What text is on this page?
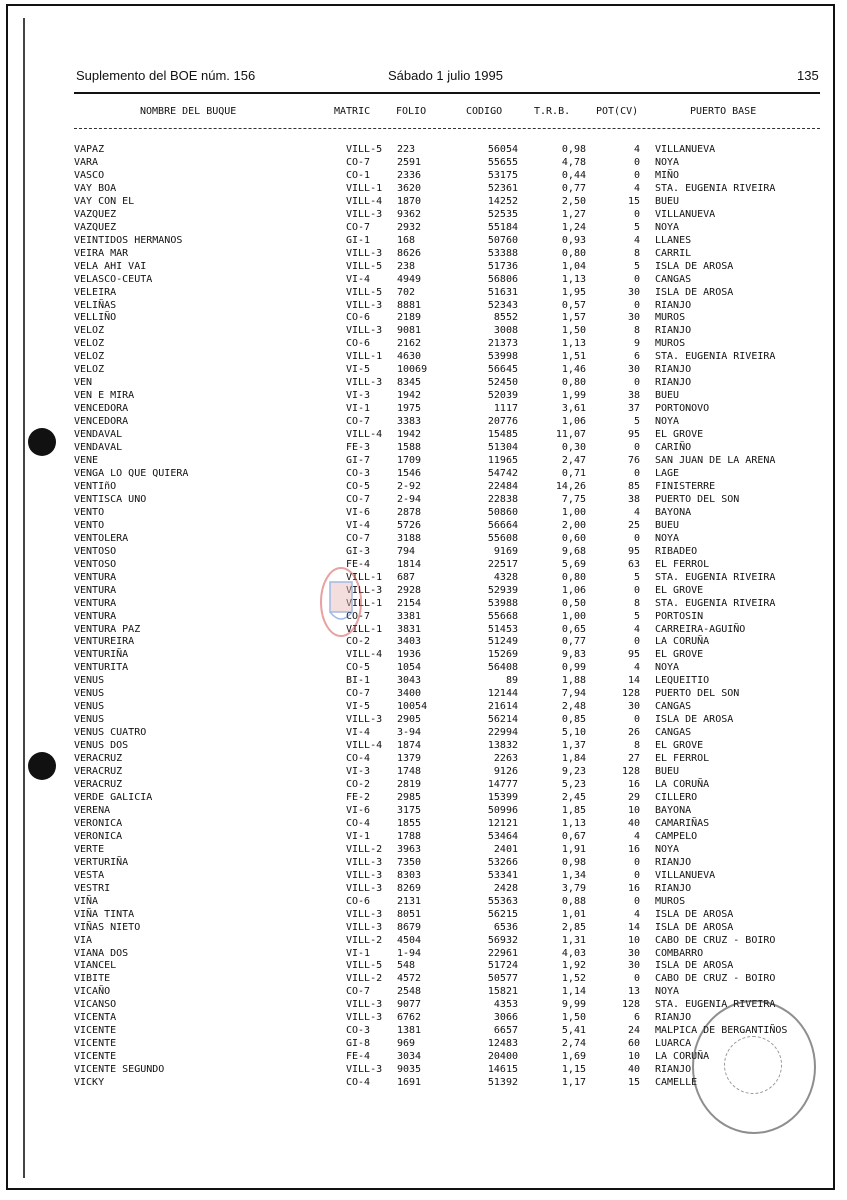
Suplemento del BOE núm. 156	Sábado 1 julio 1995	135
NOMBRE DEL BUQUE	MATRIC	FOLIO	CODIGO	T.R.B.	POT(CV)	PUERTO BASE
VAPAZ	VILL-5 223	56054	0,98	4 VILLANUEVA
VARA	CO-7	2591	55655	4,78	0 NOYA
VASCO	CO-1	2336	53175	0,44	0 MIÑO
VAY BOA	VILL-1 3620	52361	0,77	4 STA. EUGENIA RIVEIRA
VAY CON EL	VILL-4 1870	14252	2,50	15 BUEU
VAZQUEZ	VILL-3 9362	52535	1,27	0 VILLANUEVA
VAZQUEZ	CO-7	2932	55184	1,24	5 NOYA
VEINTIDOS HERMANOS	GI-1	168	50760	0,93	4 LLANES
VEIRA MAR	VILL-3 8626	53388	0,80	8 CARRIL
VELA AHI VAI	VILL-5 238	51736	1,04	5 ISLA DE AROSA
VELASCO-CEUTA	VI-4	4949	56806	1,13	0 CANGAS
VELEIRA	VILL-5 702	51631	1,95	30 ISLA DE AROSA
VELIÑAS	VILL-3 8881	52343	0,57	0 RIANJO
VELLIÑO	CO-6	2189	8552	1,57	30 MUROS
VELOZ	VILL-3 9081	3008	1,50	8 RIANJO
VELOZ	CO-6	2162	21373	1,13	9 MUROS
VELOZ	VILL-1 4630	53998	1,51	6 STA. EUGENIA RIVEIRA
VELOZ	VI-5	10069	56645	1,46	30 RIANJO
VEN	VILL-3 8345	52450	0,80	0 RIANJO
VEN E MIRA	VI-3	1942	52039	1,99	38 BUEU
VENCEDORA	VI-1	1975	1117	3,61	37 PORTONOVO
VENCEDORA	CO-7	3383	20776	1,06	5 NOYA
VENDAVAL	VILL-4 1942	15485	11,07	95 EL GROVE
VENDAVAL	FE-3	1588	51304	0,30	0 CARIÑO
VENE	GI-7	1709	11965	2,47	76 SAN JUAN DE LA ARENA
VENGA LO QUE QUIERA	CO-3	1546	54742	0,71	0 LAGE
VENTIñO	CO-5	2-92	22484	14,26	85 FINISTERRE
VENTISCA UNO	CO-7	2-94	22838	7,75	38 PUERTO DEL SON
VENTO	VI-6	2878	50860	1,00	4 BAYONA
VENTO	VI-4	5726	56664	2,00	25 BUEU
VENTOLERA	CO-7	3188	55608	0,60	0 NOYA
VENTOSO	GI-3	794	9169	9,68	95 RIBADEO
VENTOSO	FE-4	1814	22517	5,69	63 EL FERROL
VENTURA	VILL-1 687	4328	0,80	5 STA. EUGENIA RIVEIRA
VENTURA	VILL-3 2928	52939	1,06	0 EL GROVE
VENTURA	VILL-1 2154	53988	0,50	8 STA. EUGENIA RIVEIRA
VENTURA	CO-7	3381	55668	1,00	5 PORTOSIN
VENTURA PAZ	VILL-1 3831	51453	0,65	4 CARREIRA-AGUIÑO
VENTUREIRA	CO-2	3403	51249	0,77	0 LA CORUÑA
VENTURIÑA	VILL-4 1936	15269	9,83	95 EL GROVE
VENTURITA	CO-5	1054	56408	0,99	4 NOYA
VENUS	BI-1	3043	89	1,88	14 LEQUEITIO
VENUS	CO-7	3400	12144	7,94	128 PUERTO DEL SON
VENUS	VI-5	10054	21614	2,48	30 CANGAS
VENUS	VILL-3 2905	56214	0,85	0 ISLA DE AROSA
VENUS CUATRO	VI-4	3-94	22994	5,10	26 CANGAS
VENUS DOS	VILL-4 1874	13832	1,37	8 EL GROVE
VERACRUZ	CO-4	1379	2263	1,84	27 EL FERROL
VERACRUZ	VI-3	1748	9126	9,23	128 BUEU
VERACRUZ	CO-2	2819	14777	5,23	16 LA CORUÑA
VERDE GALICIA	FE-2	2985	15399	2,45	29 CILLERO
VERENA	VI-6	3175	50996	1,85	10 BAYONA
VERONICA	CO-4	1855	12121	1,13	40 CAMARIÑAS
VERONICA	VI-1	1788	53464	0,67	4 CAMPELO
VERTE	VILL-2 3963	2401	1,91	16 NOYA
VERTURIÑA	VILL-3 7350	53266	0,98	0 RIANJO
VESTA	VILL-3 8303	53341	1,34	0 VILLANUEVA
VESTRI	VILL-3 8269	2428	3,79	16 RIANJO
VIÑA	CO-6	2131	55363	0,88	0 MUROS
VIÑA TINTA	VILL-3 8051	56215	1,01	4 ISLA DE AROSA
VIÑAS NIETO	VILL-3 8679	6536	2,85	14 ISLA DE AROSA
VIA	VILL-2 4504	56932	1,31	10 CABO DE CRUZ - BOIRO
VIANA DOS	VI-1	1-94	22961	4,03	30 COMBARRO
VIANCEL	VILL-5 548	51724	1,92	30 ISLA DE AROSA
VIBITE	VILL-2 4572	50577	1,52	0 CABO DE CRUZ - BOIRO
VICAÑO	CO-7	2548	15821	1,14	13 NOYA
VICANSO	VILL-3 9077	4353	9,99	128 STA. EUGENIA RIVEIRA
VICENTA	VILL-3 6762	3066	1,50	6 RIANJO
VICENTE	CO-3	1381	6657	5,41	24 MALPICA DE BERGANTIÑOS
VICENTE	GI-8	969	12483	2,74	60 LUARCA
VICENTE	FE-4	3034	20400	1,69	10 LA CORUÑA
VICENTE SEGUNDO	VILL-3 9035	14615	1,15	40 RIANJO
VICKY	CO-4	1691	51392	1,17	15 CAMELLE
